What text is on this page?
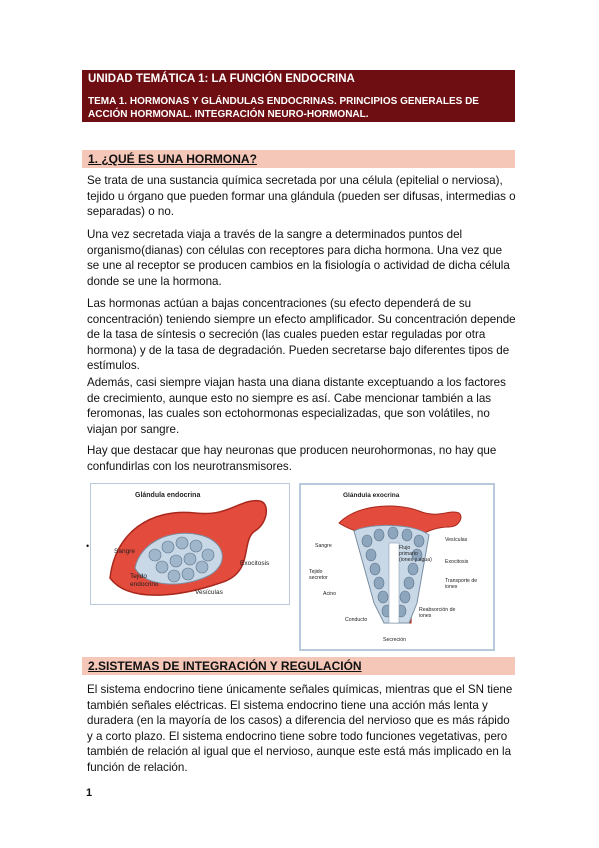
UNIDAD TEMÁTICA 1: LA FUNCIÓN ENDOCRINA
TEMA 1. HORMONAS Y GLÁNDULAS ENDOCRINAS. PRINCIPIOS GENERALES DE ACCIÓN HORMONAL. INTEGRACIÓN NEURO-HORMONAL.
1. ¿QUÉ ES UNA HORMONA?

Se trata de una sustancia química secretada por una célula (epitelial o nerviosa), tejido u órgano que pueden formar una glándula (pueden ser difusas, intermedias o separadas) o no.

Una vez secretada viaja a través de la sangre a determinados puntos del organismo(dianas) con células con receptores para dicha hormona. Una vez que se une al receptor se producen cambios en la fisiología o actividad de dicha célula donde se une la hormona.

Las hormonas actúan a bajas concentraciones (su efecto dependerá de su concentración) teniendo siempre un efecto amplificador. Su concentración depende de la tasa de síntesis o secreción (las cuales pueden estar reguladas por otra hormona) y de la tasa de degradación. Pueden secretarse bajo diferentes tipos de estímulos.

Además, casi siempre viajan hasta una diana distante exceptuando a los factores de crecimiento, aunque esto no siempre es así. Cabe mencionar también a las feromonas, las cuales son ectohormonas especializadas, que son volátiles, no viajan por sangre.

Hay que destacar que hay neuronas que producen neurohormonas, no hay que confundirlas con los neurotransmisores.

•
Glándula endocrina
Sangre
Exocitosis
Tejido
endocrino
Vesículas
Glándula exocrina
Sangre
Vesículas
Flujo
primario
(iones y agua)	Exocitosis
Tejido
secretor	Transporte de
iones
Acino
Conducto
Reabsorción de
iones
Secreción
2.SISTEMAS DE INTEGRACIÓN Y REGULACIÓN

El sistema endocrino tiene únicamente señales químicas, mientras que el SN tiene también señales eléctricas. El sistema endocrino tiene una acción más lenta y duradera (en la mayoría de los casos) a diferencia del nervioso que es más rápido y a corto plazo. El sistema endocrino tiene sobre todo funciones vegetativas, pero también de relación al igual que el nervioso, aunque este está más implicado en la función de relación.

1
